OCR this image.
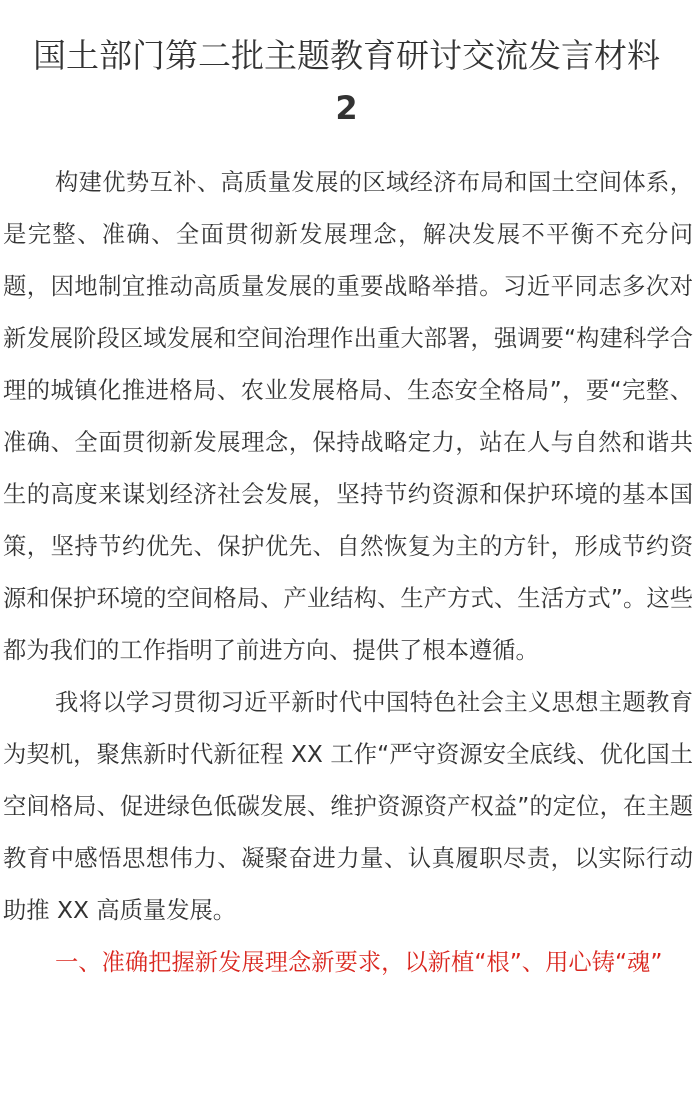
国土部门第二批主题教育研讨交流发言材料
2

构建优势互补、高质量发展的区域经济布局和国土空间体系，是完整、准确、全面贯彻新发展理念，解决发展不平衡不充分问题，因地制宜推动高质量发展的重要战略举措。习近平同志多次对新发展阶段区域发展和空间治理作出重大部署，强调要“构建科学合理的城镇化推进格局、农业发展格局、生态安全格局”，要“完整、准确、全面贯彻新发展理念，保持战略定力，站在人与自然和谐共生的高度来谋划经济社会发展，坚持节约资源和保护环境的基本国策，坚持节约优先、保护优先、自然恢复为主的方针，形成节约资源和保护环境的空间格局、产业结构、生产方式、生活方式”。这些都为我们的工作指明了前进方向、提供了根本遵循。

我将以学习贯彻习近平新时代中国特色社会主义思想主题教育为契机，聚焦新时代新征程 XX 工作“严守资源安全底线、优化国土空间格局、促进绿色低碳发展、维护资源资产权益”的定位，在主题教育中感悟思想伟力、凝聚奋进力量、认真履职尽责，以实际行动助推 XX 高质量发展。

一、准确把握新发展理念新要求，以新植“根”、用心铸“魂”
